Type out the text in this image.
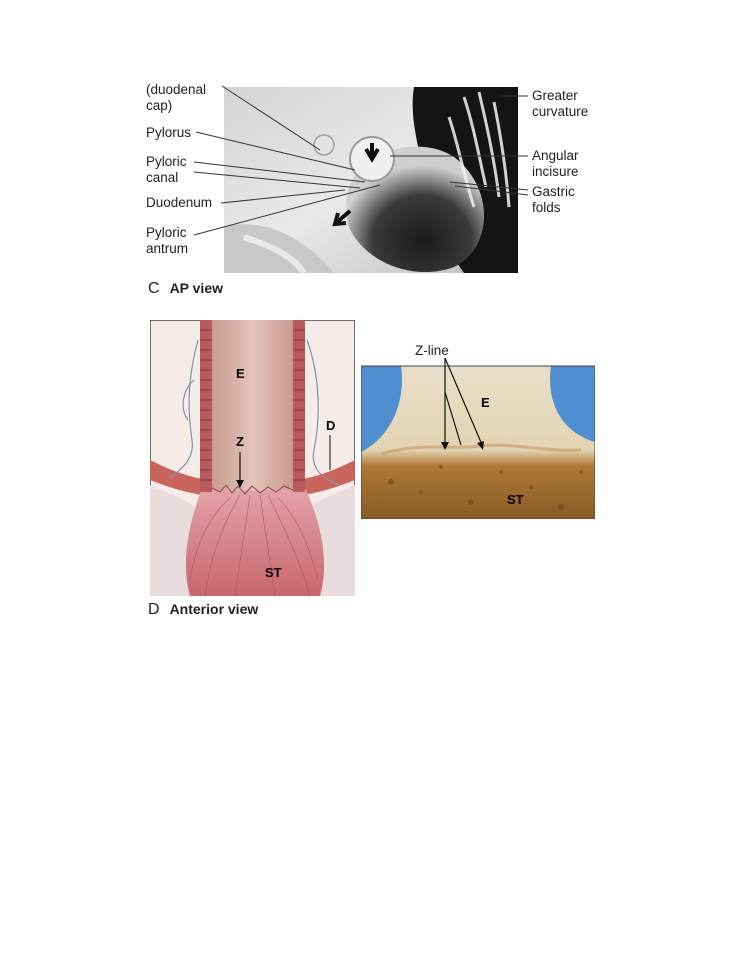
(duodenal
cap)
Pylorus
Pyloric
canal
Duodenum
Pyloric
antrum
Greater
curvature
Angular
incisure
Gastric
folds
C AP view
E
Z
D
ST
E
ST
Z-line
D Anterior view
